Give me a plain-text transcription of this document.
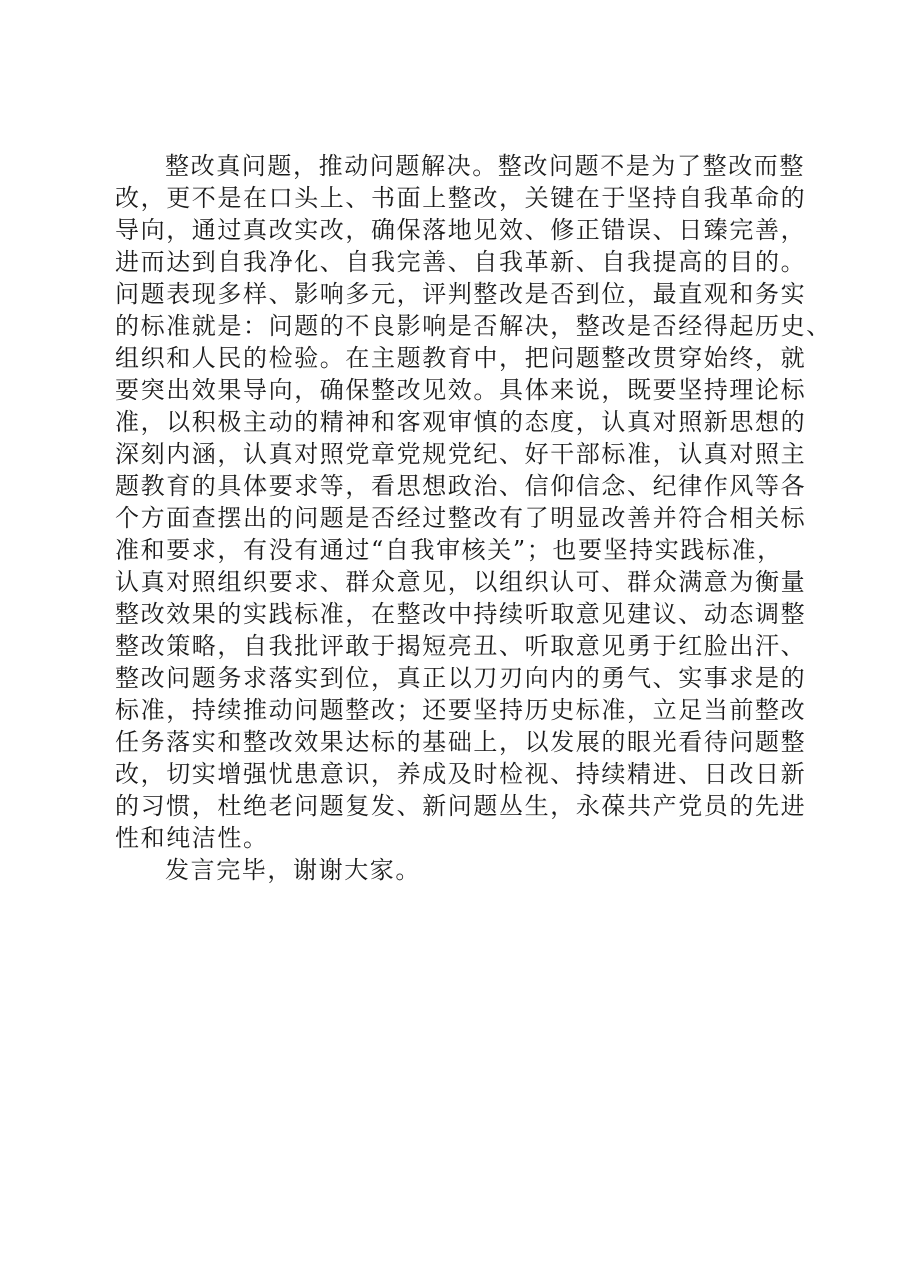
整改真问题，推动问题解决。整改问题不是为了整改而整
改，更不是在口头上、书面上整改，关键在于坚持自我革命的
导向，通过真改实改，确保落地见效、修正错误、日臻完善，
进而达到自我净化、自我完善、自我革新、自我提高的目的。
问题表现多样、影响多元，评判整改是否到位，最直观和务实
的标准就是：问题的不良影响是否解决，整改是否经得起历史、
组织和人民的检验。在主题教育中，把问题整改贯穿始终，就
要突出效果导向，确保整改见效。具体来说，既要坚持理论标
准，以积极主动的精神和客观审慎的态度，认真对照新思想的
深刻内涵，认真对照党章党规党纪、好干部标准，认真对照主
题教育的具体要求等，看思想政治、信仰信念、纪律作风等各
个方面查摆出的问题是否经过整改有了明显改善并符合相关标
准和要求，有没有通过“自我审核关”；也要坚持实践标准，
认真对照组织要求、群众意见，以组织认可、群众满意为衡量
整改效果的实践标准，在整改中持续听取意见建议、动态调整
整改策略，自我批评敢于揭短亮丑、听取意见勇于红脸出汗、
整改问题务求落实到位，真正以刀刃向内的勇气、实事求是的
标准，持续推动问题整改；还要坚持历史标准，立足当前整改
任务落实和整改效果达标的基础上，以发展的眼光看待问题整
改，切实增强忧患意识，养成及时检视、持续精进、日改日新
的习惯，杜绝老问题复发、新问题丛生，永葆共产党员的先进
性和纯洁性。
发言完毕，谢谢大家。
